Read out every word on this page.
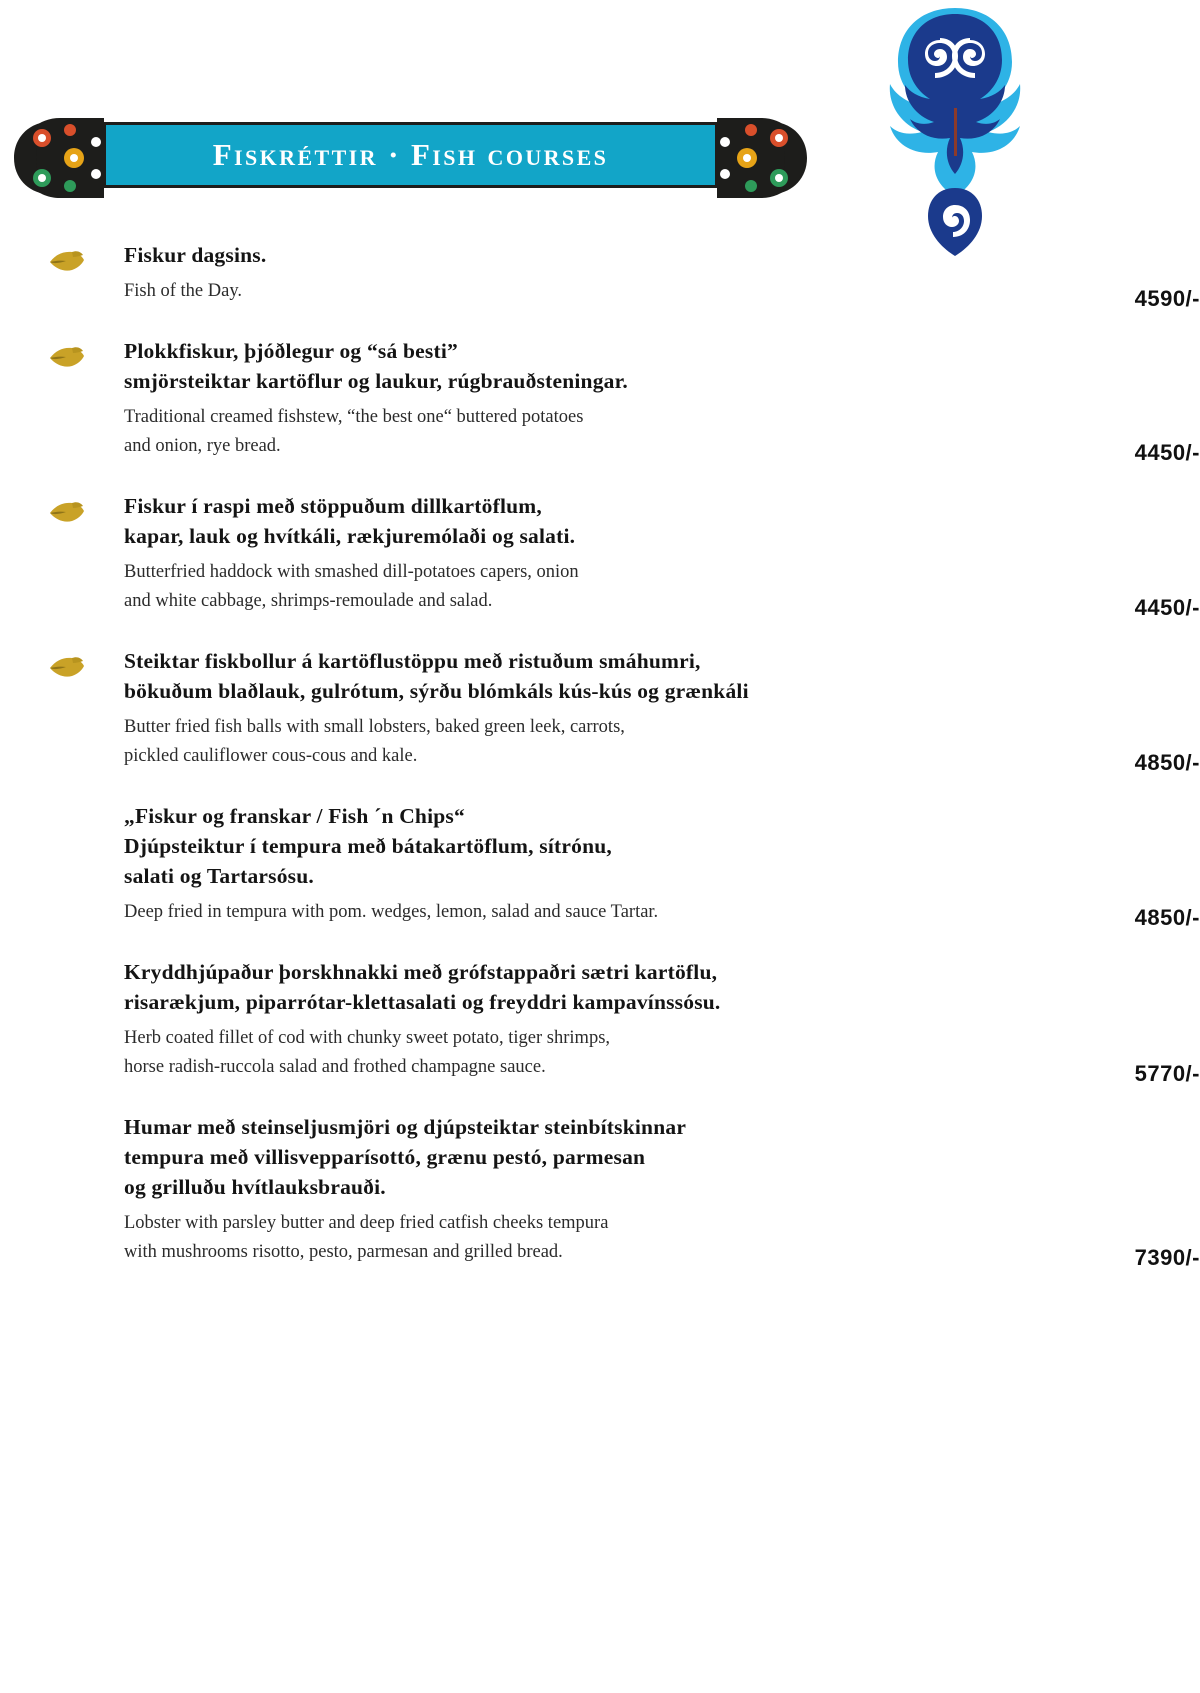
Fiskréttir · Fish courses
Fiskur dagsins.
Fish of the Day.	4590/-
Plokkfiskur, þjóðlegur og “sá besti”
smjörsteiktar kartöflur og laukur, rúgbrauðsteningar.
Traditional creamed fishstew, “the best one“ buttered potatoes
and onion, rye bread.	4450/-
Fiskur í raspi með stöppuðum dillkartöflum,
kapar, lauk og hvítkáli, rækjuremólaði og salati.
Butterfried haddock with smashed dill-potatoes capers, onion
and white cabbage, shrimps-remoulade and salad.	4450/-
Steiktar fiskbollur á kartöflustöppu með ristuðum smáhumri,
bökuðum blaðlauk, gulrótum, sýrðu blómkáls kús-kús og grænkáli
Butter fried fish balls with small lobsters, baked green leek, carrots,
pickled cauliflower cous-cous and kale.	4850/-
„Fiskur og franskar / Fish ´n Chips“
Djúpsteiktur í tempura með bátakartöflum, sítrónu,
salati og Tartarsósu.
Deep fried in tempura with pom. wedges, lemon, salad and sauce Tartar.	4850/-
Kryddhjúpaður þorskhnakki með grófstappaðri sætri kartöflu,
risarækjum, piparrótar-klettasalati og freyddri kampavínssósu.
Herb coated fillet of cod with chunky sweet potato, tiger shrimps,
horse radish-ruccola salad and frothed champagne sauce.	5770/-
Humar með steinseljusmjöri og djúpsteiktar steinbítskinnar
tempura með villisvepparísottó, grænu pestó, parmesan
og grilluðu hvítlauksbrauði.
Lobster with parsley butter and deep fried catfish cheeks tempura
with mushrooms risotto, pesto, parmesan and grilled bread.	7390/-
